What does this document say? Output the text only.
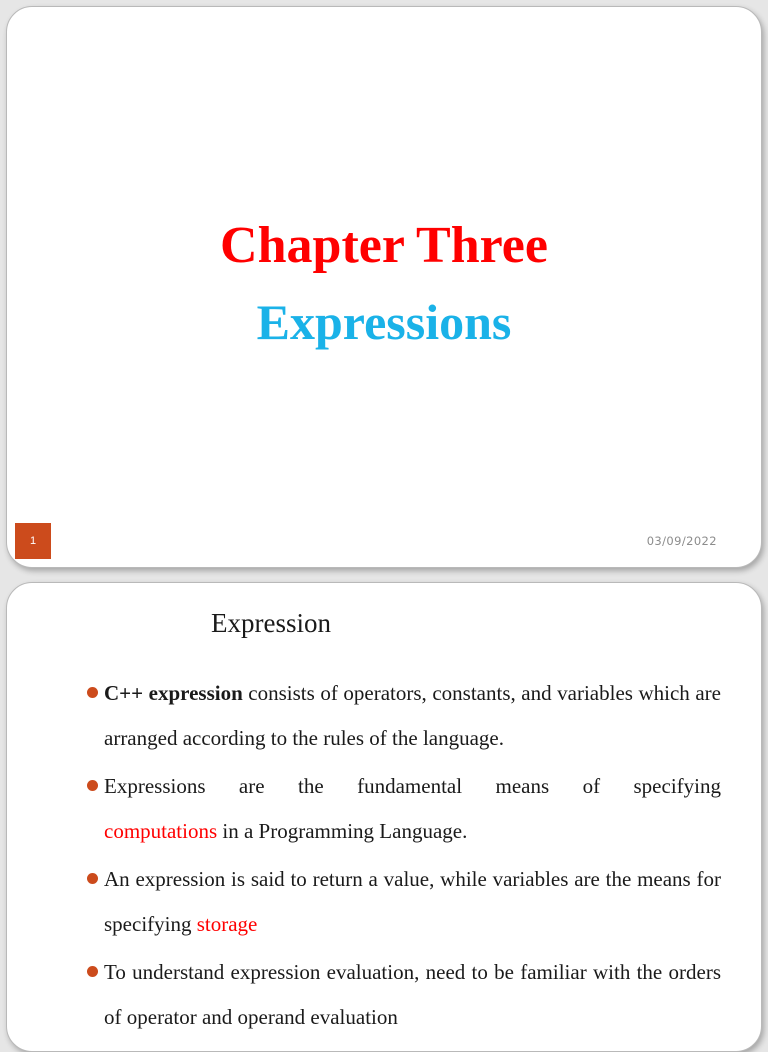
Chapter Three
Expressions
1	03/09/2022
Expression
C++ expression consists of operators, constants, and variables which are arranged according to the rules of the language.
Expressions are the fundamental means of specifying
computations in a Programming Language.
An expression is said to return a value, while variables are the means for specifying storage
To understand expression evaluation, need to be familiar with the orders of operator and operand evaluation
